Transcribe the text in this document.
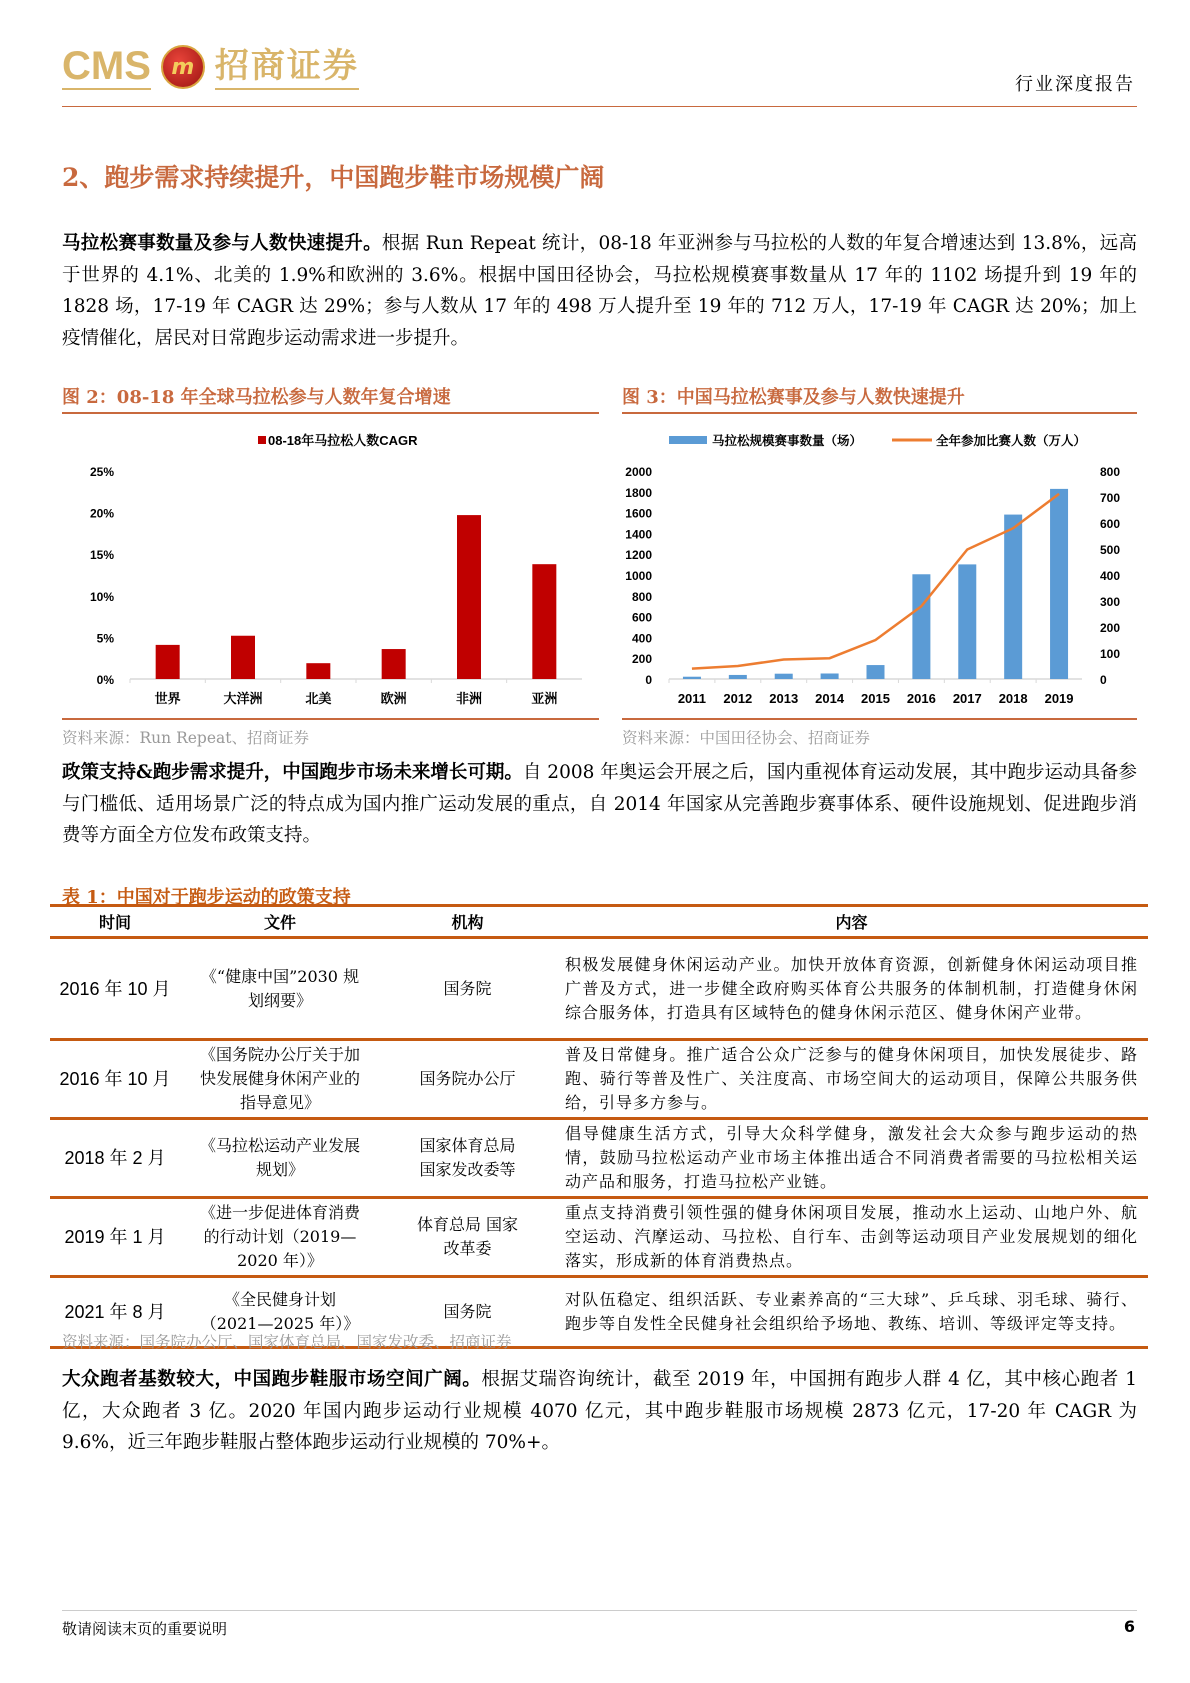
CMS m 招商证券	行业深度报告
2、跑步需求持续提升，中国跑步鞋市场规模广阔
马拉松赛事数量及参与人数快速提升。根据 Run Repeat 统计，08-18 年亚洲参与马拉松的人数的年复合增速达到 13.8%，远高于世界的 4.1%、北美的 1.9%和欧洲的 3.6%。根据中国田径协会，马拉松规模赛事数量从 17 年的 1102 场提升到 19 年的 1828 场，17-19 年 CAGR 达 29%；参与人数从 17 年的 498 万人提升至 19 年的 712 万人，17-19 年 CAGR 达 20%；加上疫情催化，居民对日常跑步运动需求进一步提升。
图 2：08-18 年全球马拉松参与人数年复合增速	图 3：中国马拉松赛事及参与人数快速提升
08-18年马拉松人数CAGR
0%
5%
10%
15%
20%
25%
世界	大洋洲	北美	欧洲	非洲	亚洲
马拉松规模赛事数量（场）	全年参加比赛人数（万人）
0
200
400
600
800
1000
1200
1400
1600
1800
2000
0
100
200
300
400
500
600
700
800
2011 2012 2013 2014 2015 2016 2017 2018 2019
资料来源：Run Repeat、招商证券	资料来源：中国田径协会、招商证券
政策支持&跑步需求提升，中国跑步市场未来增长可期。自 2008 年奥运会开展之后，国内重视体育运动发展，其中跑步运动具备参与门槛低、适用场景广泛的特点成为国内推广运动发展的重点，自 2014 年国家从完善跑步赛事体系、硬件设施规划、促进跑步消费等方面全方位发布政策支持。
表 1：中国对于跑步运动的政策支持
时间	文件	机构	内容
2016 年 10 月	《“健康中国”2030 规划纲要》	国务院	积极发展健身休闲运动产业。加快开放体育资源，创新健身休闲运动项目推广普及方式，进一步健全政府购买体育公共服务的体制机制，打造健身休闲综合服务体，打造具有区域特色的健身休闲示范区、健身休闲产业带。
2016 年 10 月	《国务院办公厅关于加快发展健身休闲产业的指导意见》	国务院办公厅	普及日常健身。推广适合公众广泛参与的健身休闲项目，加快发展徒步、路跑、骑行等普及性广、关注度高、市场空间大的运动项目，保障公共服务供给，引导多方参与。
2018 年 2 月	《马拉松运动产业发展规划》	国家体育总局 国家发改委等	倡导健康生活方式，引导大众科学健身，激发社会大众参与跑步运动的热情，鼓励马拉松运动产业市场主体推出适合不同消费者需要的马拉松相关运动产品和服务，打造马拉松产业链。
2019 年 1 月	《进一步促进体育消费的行动计划（2019—2020 年）》	体育总局 国家改革委	重点支持消费引领性强的健身休闲项目发展，推动水上运动、山地户外、航空运动、汽摩运动、马拉松、自行车、击剑等运动项目产业发展规划的细化落实，形成新的体育消费热点。
2021 年 8 月	《全民健身计划（2021—2025 年）》	国务院	对队伍稳定、组织活跃、专业素养高的“三大球”、乒乓球、羽毛球、骑行、跑步等自发性全民健身社会组织给予场地、教练、培训、等级评定等支持。
资料来源：国务院办公厅、国家体育总局、国家发改委、招商证券
大众跑者基数较大，中国跑步鞋服市场空间广阔。根据艾瑞咨询统计，截至 2019 年，中国拥有跑步人群 4 亿，其中核心跑者 1 亿，大众跑者 3 亿。2020 年国内跑步运动行业规模 4070 亿元，其中跑步鞋服市场规模 2873 亿元，17-20 年 CAGR 为 9.6%，近三年跑步鞋服占整体跑步运动行业规模的 70%+。
敬请阅读末页的重要说明	6
